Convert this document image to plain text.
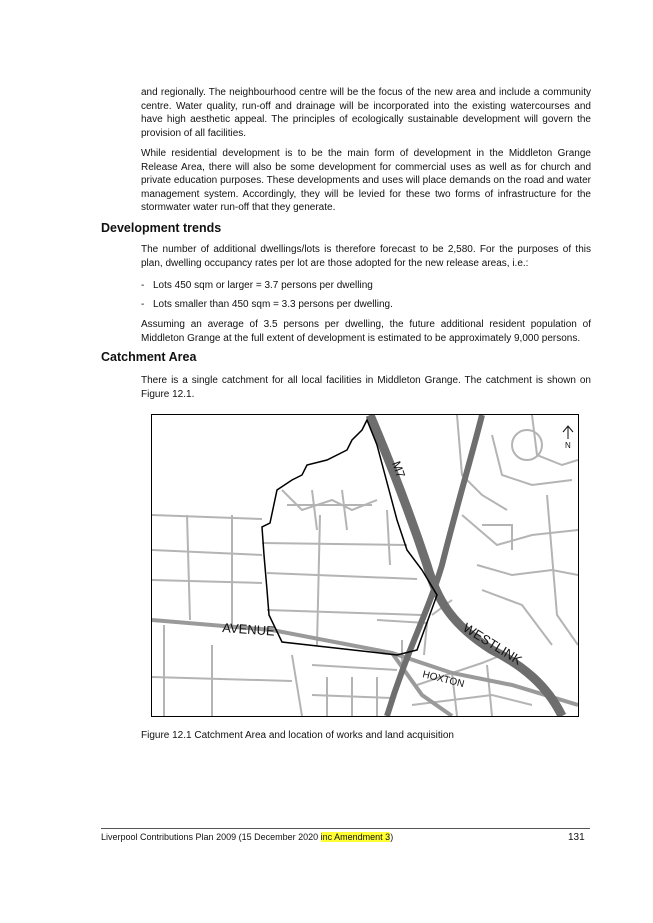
and regionally. The neighbourhood centre will be the focus of the new area and include a community centre. Water quality, run-off and drainage will be incorporated into the existing watercourses and have high aesthetic appeal. The principles of ecologically sustainable development will govern the provision of all facilities.

While residential development is to be the main form of development in the Middleton Grange Release Area, there will also be some development for commercial uses as well as for church and private education purposes. These developments and uses will place demands on the road and water management system. Accordingly, they will be levied for these two forms of infrastructure for the stormwater water run-off that they generate.

Development trends

The number of additional dwellings/lots is therefore forecast to be 2,580. For the purposes of this plan, dwelling occupancy rates per lot are those adopted for the new release areas, i.e.:

- Lots 450 sqm or larger = 3.7 persons per dwelling
- Lots smaller than 450 sqm = 3.3 persons per dwelling.

Assuming an average of 3.5 persons per dwelling, the future additional resident population of Middleton Grange at the full extent of development is estimated to be approximately 9,000 persons.

Catchment Area

There is a single catchment for all local facilities in Middleton Grange. The catchment is shown on Figure 12.1.

M7
AVENUE	WESTLINK
HOXTON
N
Figure 12.1 Catchment Area and location of works and land acquisition
Liverpool Contributions Plan 2009 (15 December 2020 inc Amendment 3)	131
